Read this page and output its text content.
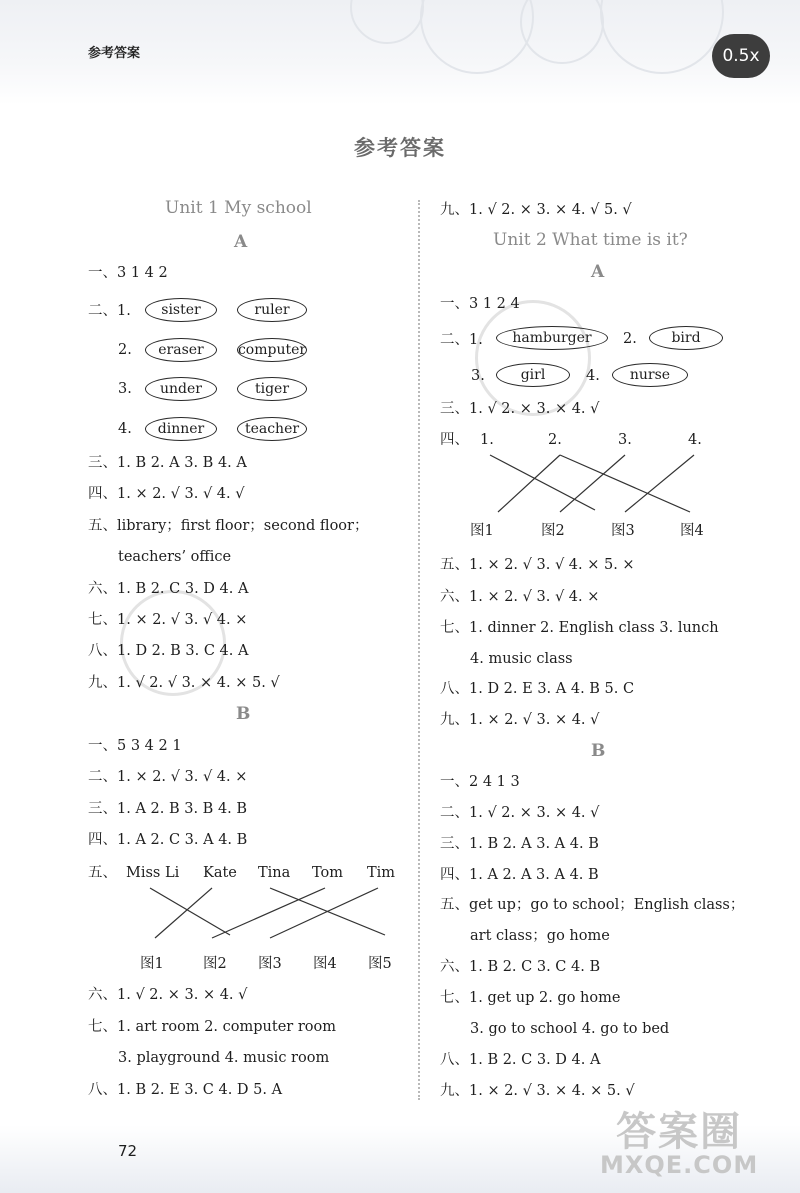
参考答案	0.5x
参考答案
Unit 1 My school
A
一、3 1 4 2
二、1.	sister	ruler
2.	eraser	computer
3.	under	tiger
4.	dinner	teacher
三、1. B 2. A 3. B 4. A
四、1. × 2. √ 3. √ 4. √
五、library；first floor；second floor；
teachers’ office
六、1. B 2. C 3. D 4. A
七、1. × 2. √ 3. √ 4. ×
八、1. D 2. B 3. C 4. A
九、1. √ 2. √ 3. × 4. × 5. √
B
一、5 3 4 2 1
二、1. × 2. √ 3. √ 4. ×
三、1. A 2. B 3. B 4. B
四、1. A 2. C 3. A 4. B
五、 Miss Li Kate Tina Tom Tim
图1	图2 图3 图4 图5
六、1. √ 2. × 3. × 4. √
七、1. art room 2. computer room
3. playground 4. music room
八、1. B 2. E 3. C 4. D 5. A
九、1. √ 2. × 3. × 4. √ 5. √
Unit 2 What time is it?
A
一、3 1 2 4
二、1.	hamburger	2.	bird
3.	girl	4.	nurse
三、1. √ 2. × 3. × 4. √
四、 1.	2.	3.	4.
图1	图2	图3	图4
五、1. × 2. √ 3. √ 4. × 5. ×
六、1. × 2. √ 3. √ 4. ×
七、1. dinner 2. English class 3. lunch
4. music class
八、1. D 2. E 3. A 4. B 5. C
九、1. × 2. √ 3. × 4. √
B
一、2 4 1 3
二、1. √ 2. × 3. × 4. √
三、1. B 2. A 3. A 4. B
四、1. A 2. A 3. A 4. B
五、get up；go to school；English class；
art class；go home
六、1. B 2. C 3. C 4. B
七、1. get up 2. go home
3. go to school 4. go to bed
八、1. B 2. C 3. D 4. A
九、1. × 2. √ 3. × 4. × 5. √
72	答案圈
MXQE.COM
